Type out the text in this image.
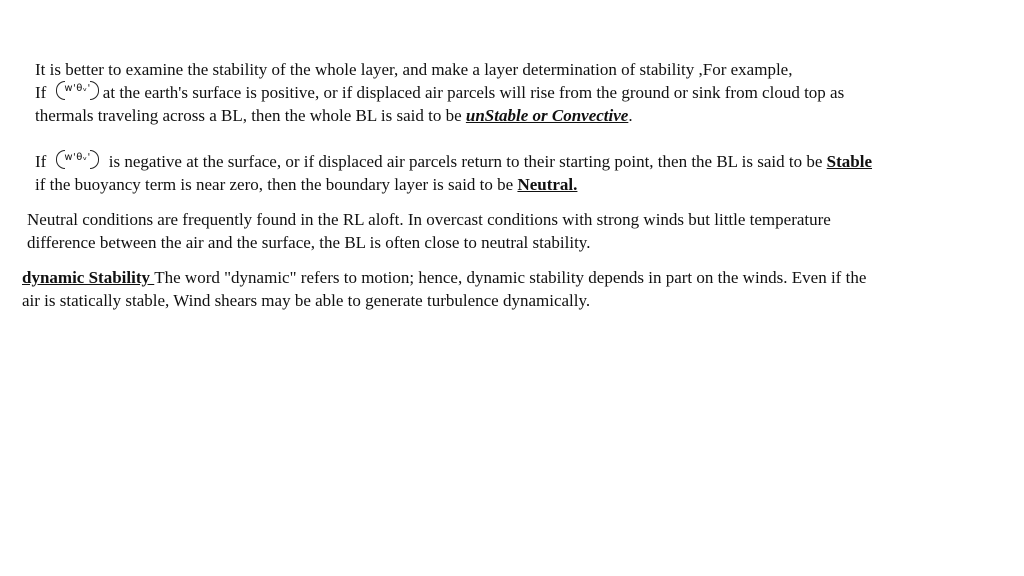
It is better to examine the stability of the whole layer, and make a layer determination of stability ,For example,
If w'θᵥ' at the earth's surface is positive, or if displaced air parcels will rise from the ground or sink from cloud top as
thermals traveling across a BL, then the whole BL is said to be unStable or Convective.
If w'θᵥ' is negative at the surface, or if displaced air parcels return to their starting point, then the BL is said to be Stable
if the buoyancy term is near zero, then the boundary layer is said to be Neutral.
Neutral conditions are frequently found in the RL aloft. In overcast conditions with strong winds but little temperature
difference between the air and the surface, the BL is often close to neutral stability.
dynamic Stability The word "dynamic" refers to motion; hence, dynamic stability depends in part on the winds. Even if the
air is statically stable, Wind shears may be able to generate turbulence dynamically.
